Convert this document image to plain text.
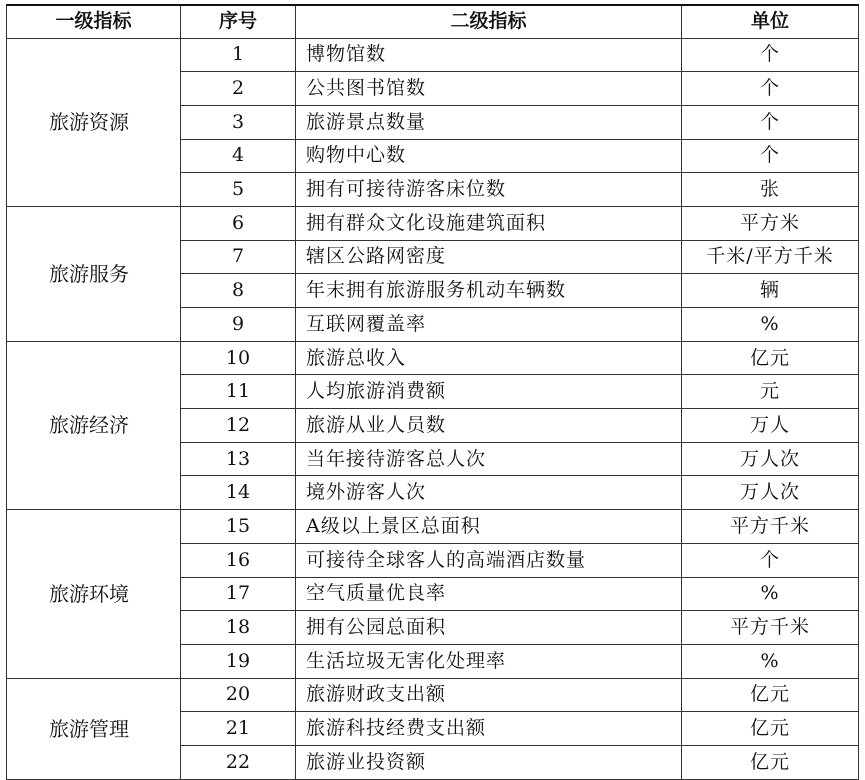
一级指标	序号	二级指标	单位
旅游资源	1	博物馆数	个
	2	公共图书馆数	个
	3	旅游景点数量	个
	4	购物中心数	个
	5	拥有可接待游客床位数	张
旅游服务	6	拥有群众文化设施建筑面积	平方米
	7	辖区公路网密度	千米/平方千米
	8	年末拥有旅游服务机动车辆数	辆
	9	互联网覆盖率	%
旅游经济	10	旅游总收入	亿元
	11	人均旅游消费额	元
	12	旅游从业人员数	万人
	13	当年接待游客总人次	万人次
	14	境外游客人次	万人次
旅游环境	15	A级以上景区总面积	平方千米
	16	可接待全球客人的高端酒店数量	个
	17	空气质量优良率	%
	18	拥有公园总面积	平方千米
	19	生活垃圾无害化处理率	%
旅游管理	20	旅游财政支出额	亿元
	21	旅游科技经费支出额	亿元
	22	旅游业投资额	亿元
